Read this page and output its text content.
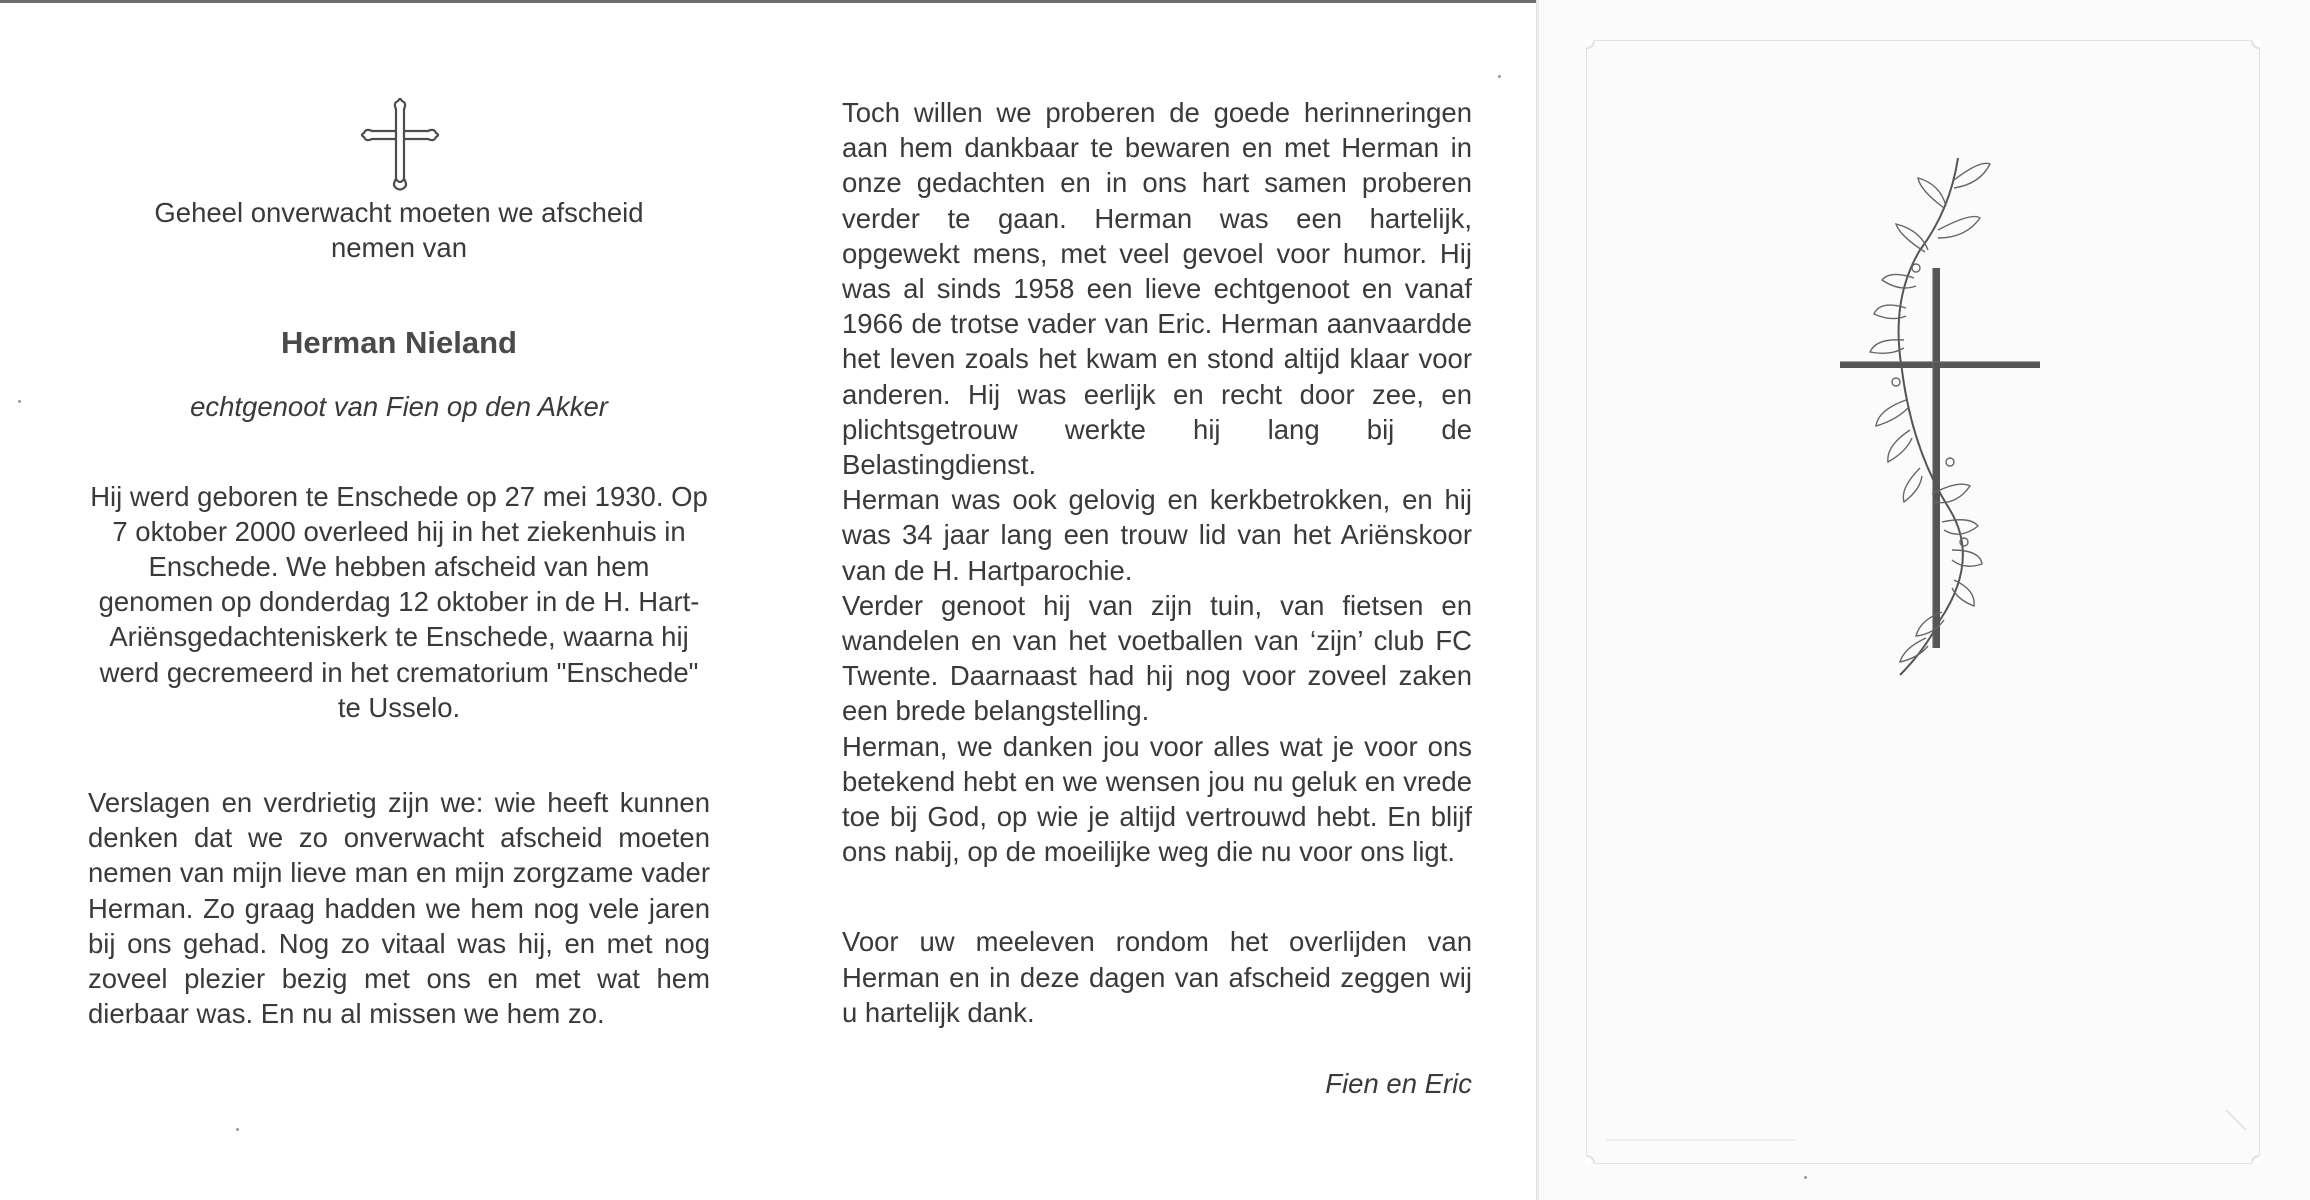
Geheel onverwacht moeten we afscheid nemen van

Herman Nieland

echtgenoot van Fien op den Akker

Hij werd geboren te Enschede op 27 mei 1930. Op 7 oktober 2000 overleed hij in het ziekenhuis in Enschede. We hebben afscheid van hem genomen op donderdag 12 oktober in de H. Hart-Ariënsgedachteniskerk te Enschede, waarna hij werd gecremeerd in het crematorium "Enschede" te Usselo.

Verslagen en verdrietig zijn we: wie heeft kunnen denken dat we zo onverwacht afscheid moeten nemen van mijn lieve man en mijn zorgzame vader Herman. Zo graag hadden we hem nog vele jaren bij ons gehad. Nog zo vitaal was hij, en met nog zoveel plezier bezig met ons en met wat hem dierbaar was. En nu al missen we hem zo.

Toch willen we proberen de goede herinneringen aan hem dankbaar te bewaren en met Herman in onze gedachten en in ons hart samen proberen verder te gaan. Herman was een hartelijk, opgewekt mens, met veel gevoel voor humor. Hij was al sinds 1958 een lieve echtgenoot en vanaf 1966 de trotse vader van Eric. Herman aanvaardde het leven zoals het kwam en stond altijd klaar voor anderen. Hij was eerlijk en recht door zee, en plichtsgetrouw werkte hij lang bij de Belastingdienst.

Herman was ook gelovig en kerkbetrokken, en hij was 34 jaar lang een trouw lid van het Ariënskoor van de H. Hartparochie.

Verder genoot hij van zijn tuin, van fietsen en wandelen en van het voetballen van ‘zijn’ club FC Twente. Daarnaast had hij nog voor zoveel zaken een brede belangstelling.

Herman, we danken jou voor alles wat je voor ons betekend hebt en we wensen jou nu geluk en vrede toe bij God, op wie je altijd vertrouwd hebt. En blijf ons nabij, op de moeilijke weg die nu voor ons ligt.

Voor uw meeleven rondom het overlijden van Herman en in deze dagen van afscheid zeggen wij u hartelijk dank.

Fien en Eric
